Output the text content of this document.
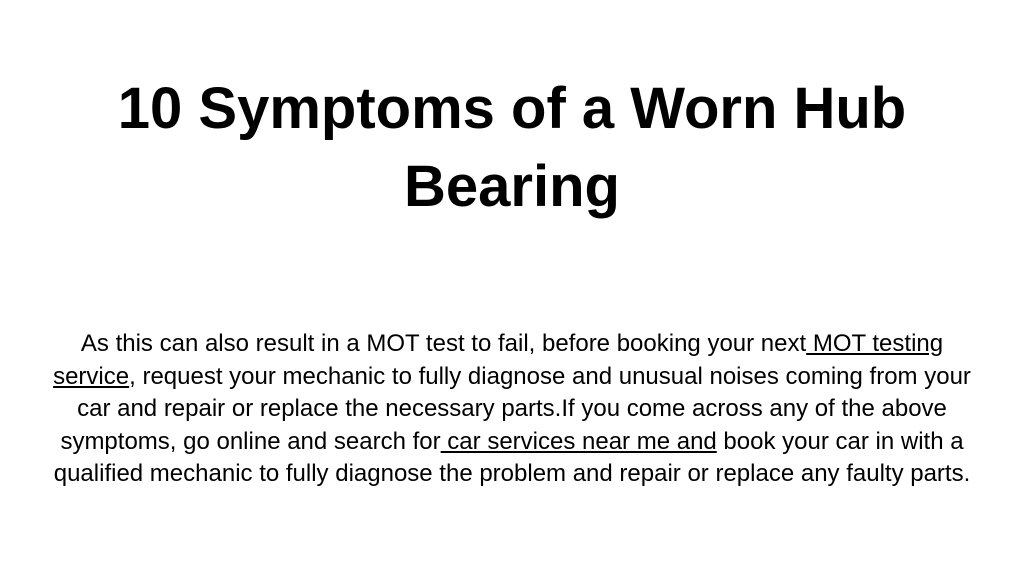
10 Symptoms of a Worn Hub Bearing

As this can also result in a MOT test to fail, before booking your next MOT testing service, request your mechanic to fully diagnose and unusual noises coming from your car and repair or replace the necessary parts.If you come across any of the above symptoms, go online and search for car services near me and book your car in with a qualified mechanic to fully diagnose the problem and repair or replace any faulty parts.
